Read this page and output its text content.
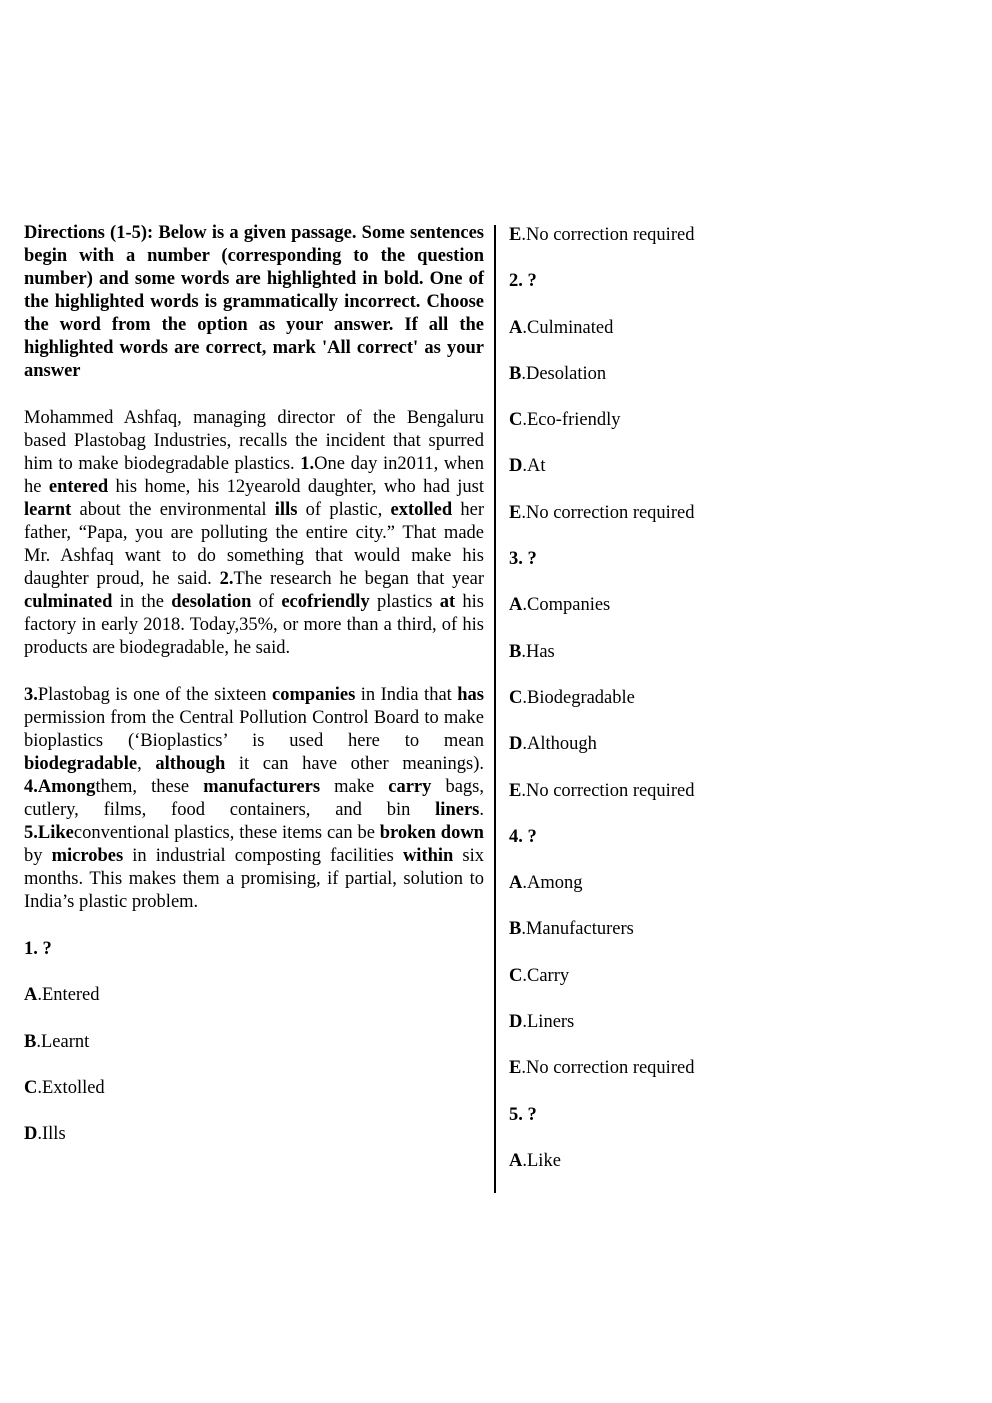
Directions (1-5): Below is a given passage. Some sentences begin with a number (corresponding to the question number) and some words are highlighted in bold. One of the highlighted words is grammatically incorrect. Choose the word from the option as your answer. If all the highlighted words are correct, mark 'All correct' as your answer

Mohammed Ashfaq, managing director of the Bengaluru based Plastobag Industries, recalls the incident that spurred him to make biodegradable plastics. 1.One day in2011, when he entered his home, his 12yearold daughter, who had just learnt about the environmental ills of plastic, extolled her father, “Papa, you are polluting the entire city.” That made Mr. Ashfaq want to do something that would make his daughter proud, he said. 2.The research he began that year culminated in the desolation of ecofriendly plastics at his factory in early 2018. Today,35%, or more than a third, of his products are biodegradable, he said.

3.Plastobag is one of the sixteen companies in India that has permission from the Central Pollution Control Board to make bioplastics (‘Bioplastics’ is used here to mean biodegradable, although it can have other meanings). 4.Amongthem, these manufacturers make carry bags, cutlery, films, food containers, and bin liners. 5.Likeconventional plastics, these items can be broken down by microbes in industrial composting facilities within six months. This makes them a promising, if partial, solution to India’s plastic problem.

1. ?
A.Entered
B.Learnt
C.Extolled
D.Ills
E.No correction required
2. ?
A.Culminated
B.Desolation
C.Eco-friendly
D.At
E.No correction required
3. ?
A.Companies
B.Has
C.Biodegradable
D.Although
E.No correction required
4. ?
A.Among
B.Manufacturers
C.Carry
D.Liners
E.No correction required
5. ?
A.Like
